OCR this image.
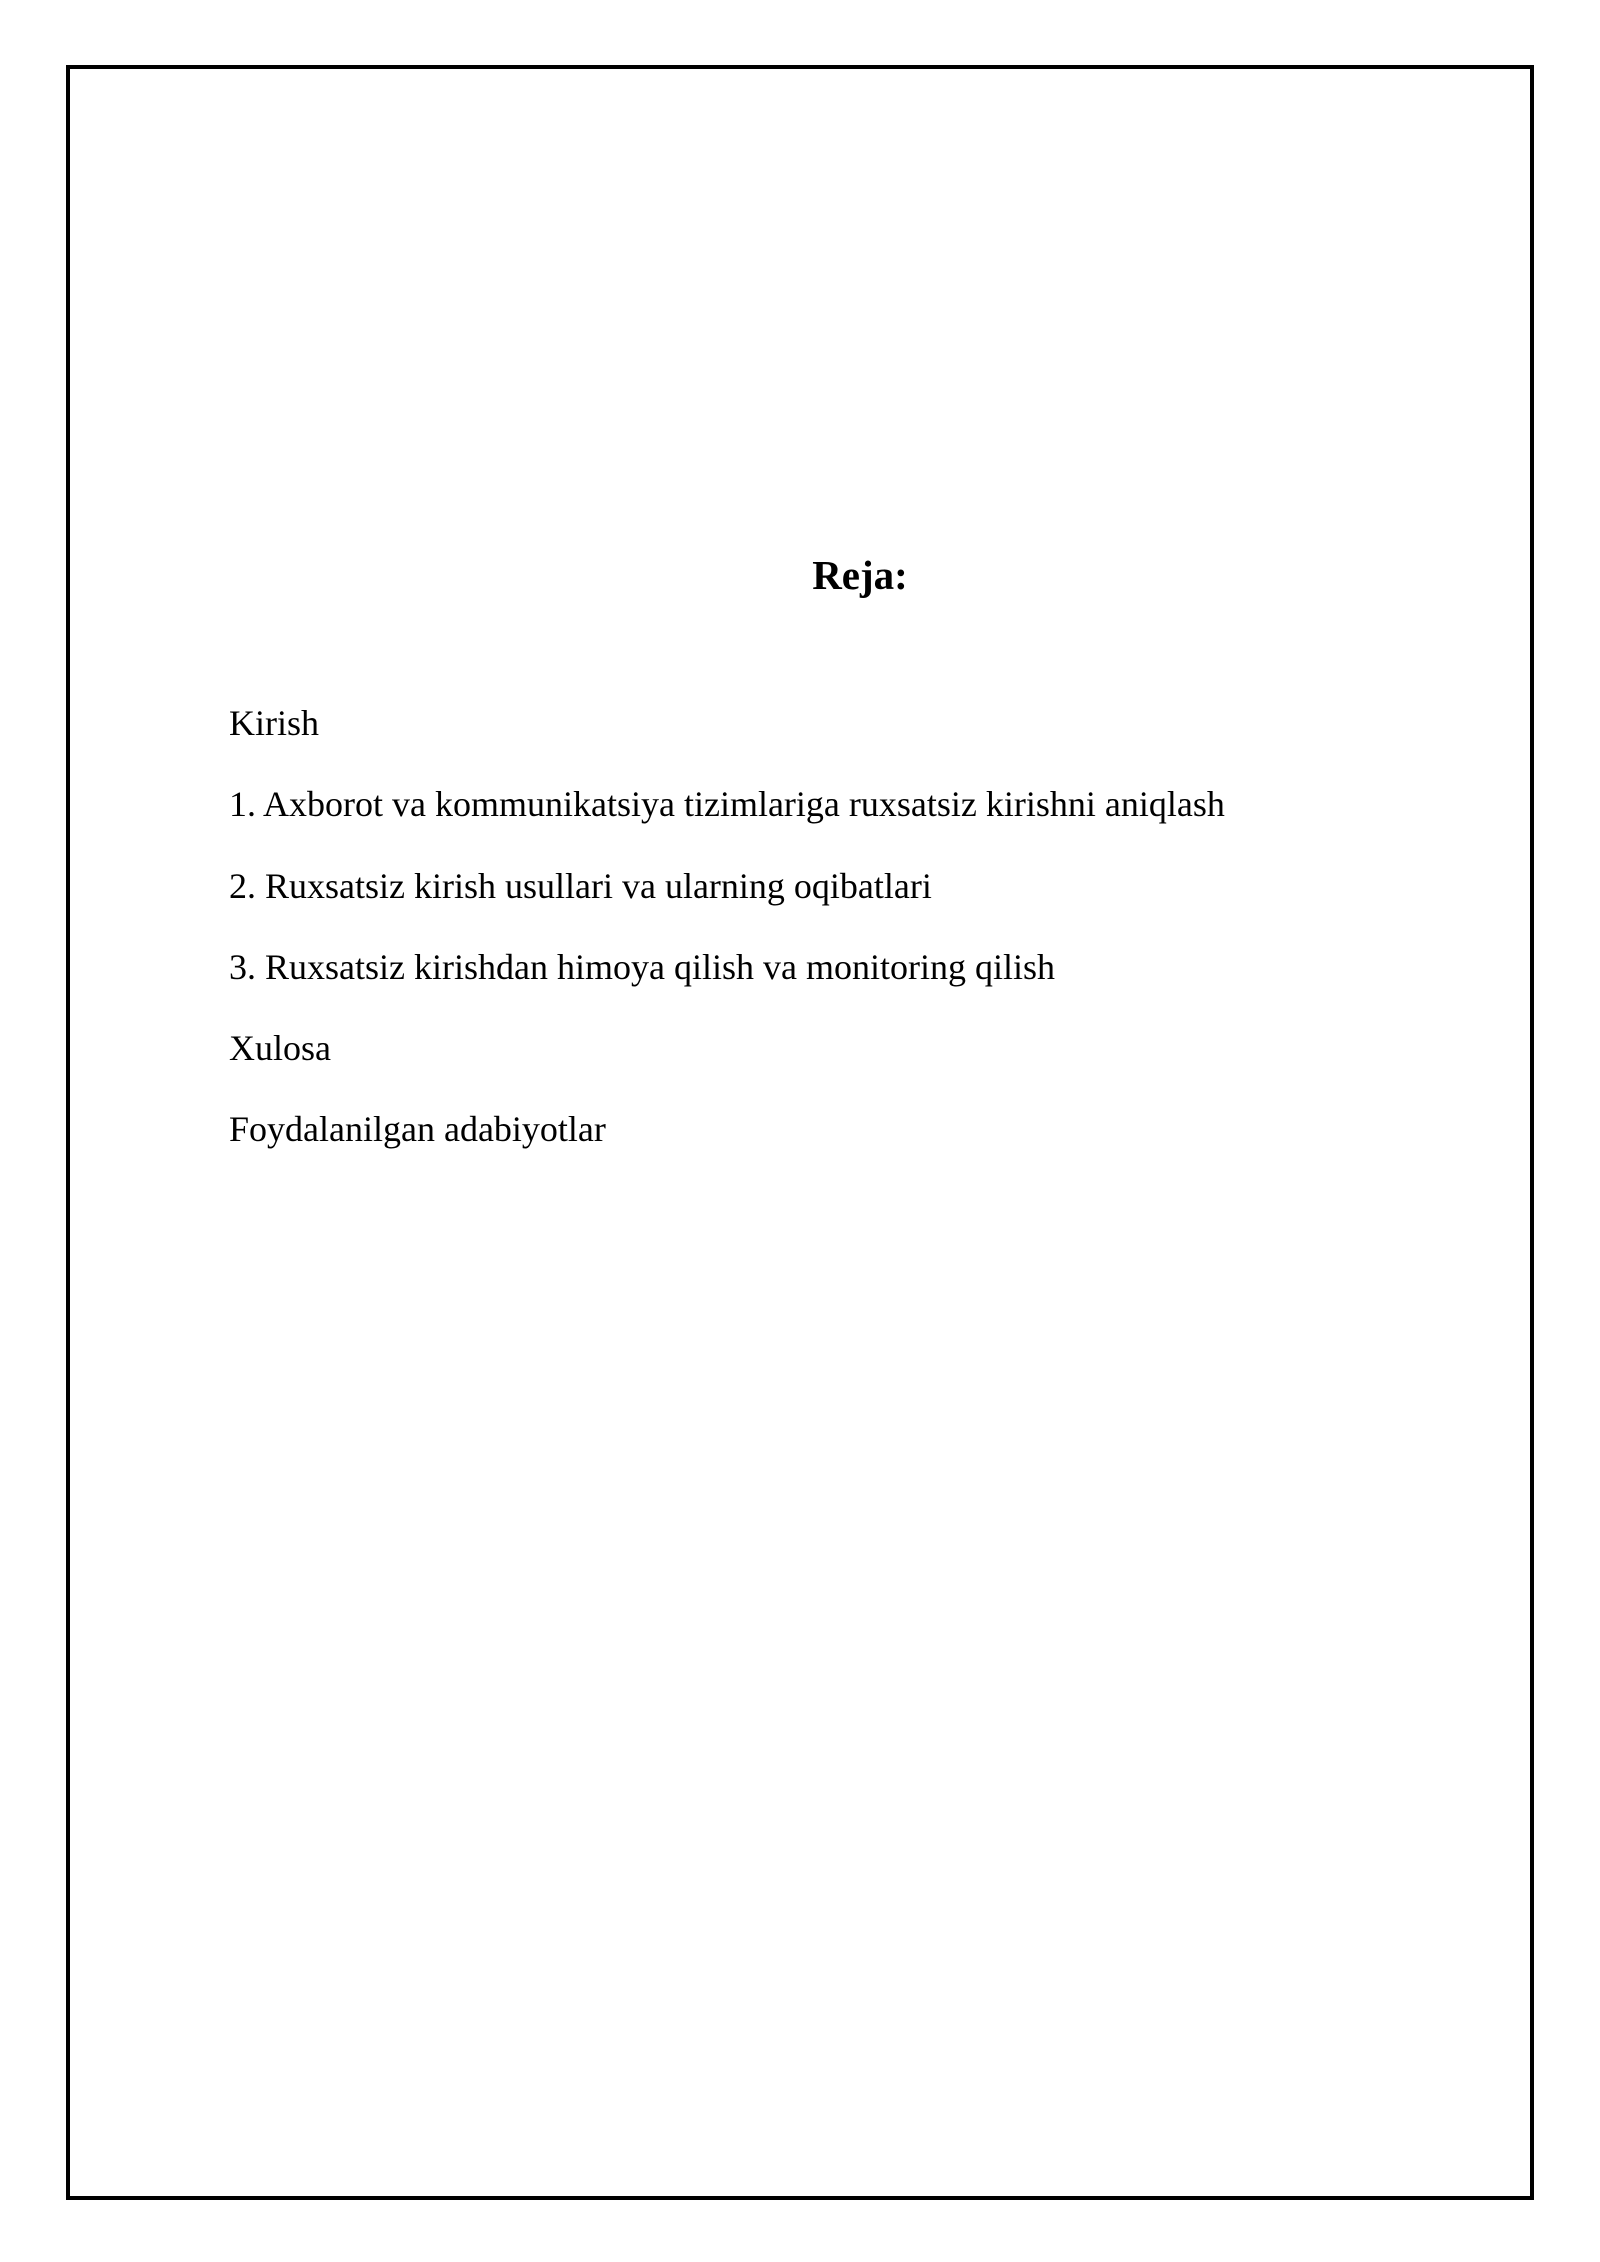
Reja:
Kirish
1. Axborot va kommunikatsiya tizimlariga ruxsatsiz kirishni aniqlash
2. Ruxsatsiz kirish usullari va ularning oqibatlari
3. Ruxsatsiz kirishdan himoya qilish va monitoring qilish
Xulosa
Foydalanilgan adabiyotlar
